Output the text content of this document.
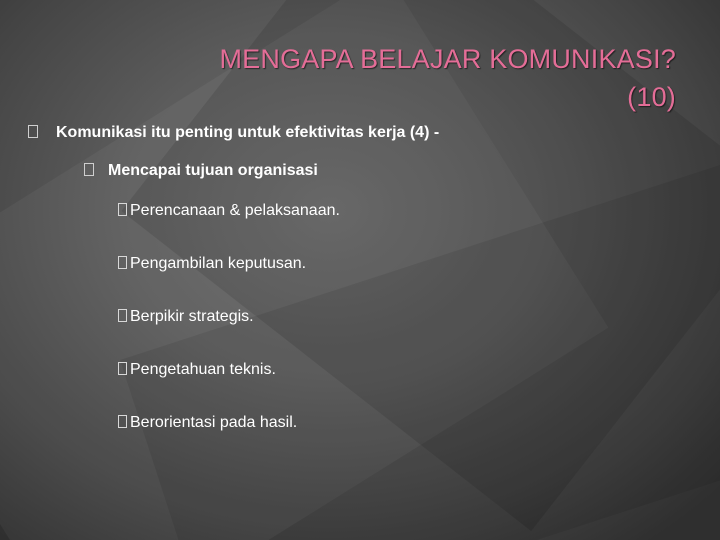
MENGAPA BELAJAR KOMUNIKASI?
(10)
Komunikasi itu penting untuk efektivitas kerja (4) -
Mencapai tujuan organisasi
Perencanaan & pelaksanaan.
Pengambilan keputusan.
Berpikir strategis.
Pengetahuan teknis.
Berorientasi pada hasil.
